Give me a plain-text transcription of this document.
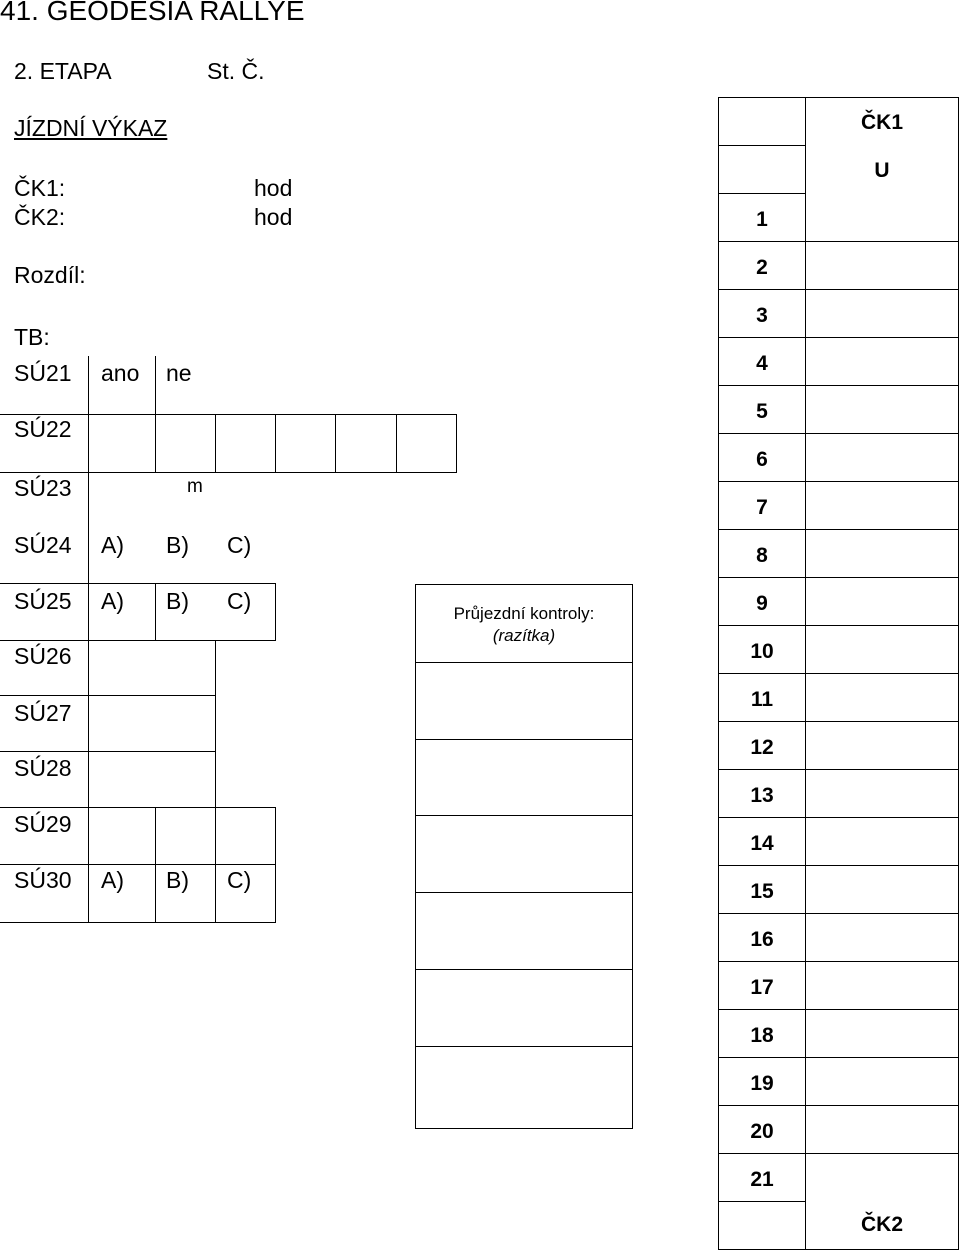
41. GEODESIA RALLYE
2. ETAPA	St. Č.
JÍZDNÍ VÝKAZ
ČK1:	hod
ČK2:	hod
Rozdíl:
TB:
SÚ21 ano ne
SÚ22
SÚ23	m
SÚ24 A) B) C)
SÚ25 A) B) C)
SÚ26
SÚ27
SÚ28
SÚ29
SÚ30 A) B) C)
Průjezdní kontroly:
(razítka)
ČK1
U
ČK2
1
2
3
4
5
6
7
8
9
10
11
12
13
14
15
16
17
18
19
20
21
